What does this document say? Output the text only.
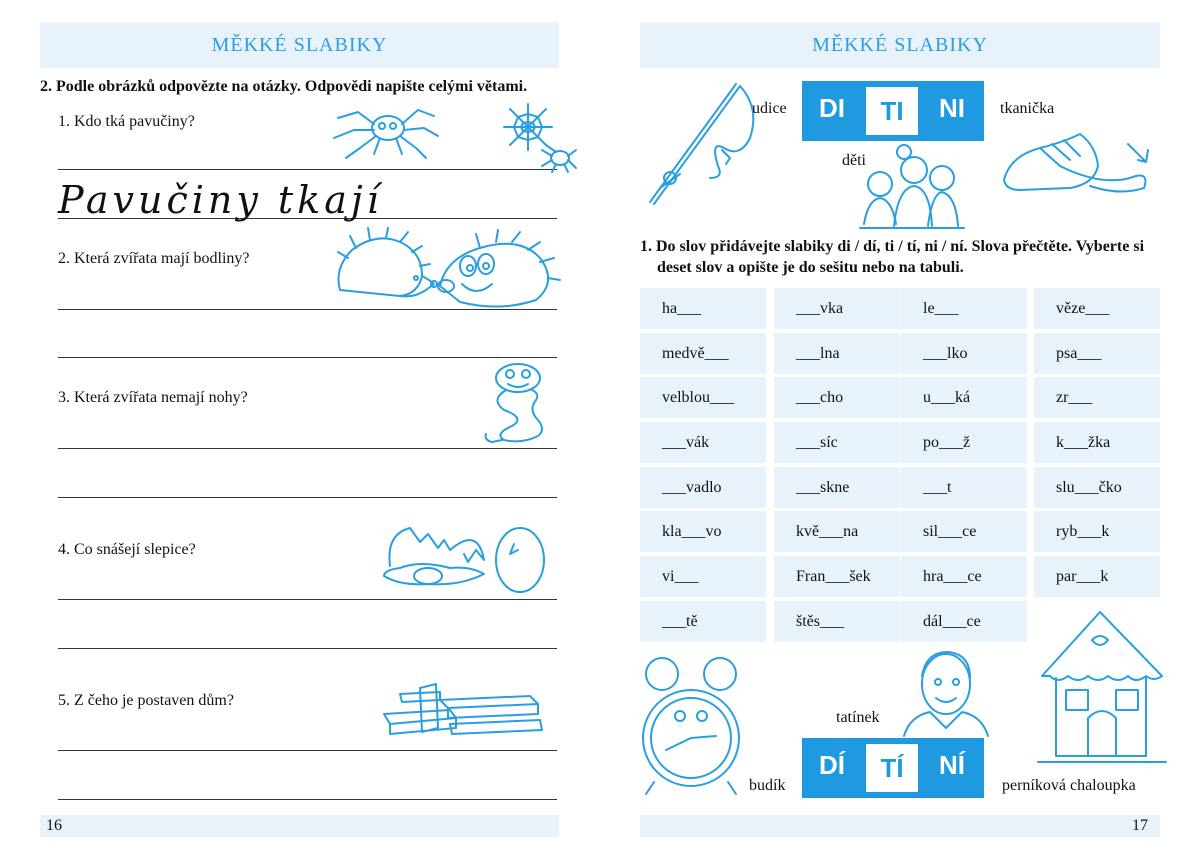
MĚKKÉ SLABIKY
2. Podle obrázků odpovězte na otázky. Odpovědi napište celými větami.
1. Kdo tká pavučiny?
2. Která zvířata mají bodliny?
3. Která zvířata nemají nohy?
4. Co snášejí slepice?
5. Z čeho je postaven dům?
Pavučiny tkají
16
MĚKKÉ SLABIKY
udice	DI	TI	NI	tkanička
děti
1. Do slov přidávejte slabiky di / dí, ti / tí, ni / ní. Slova přečtěte. Vyberte si
deset slov a opište je do sešitu nebo na tabuli.
ha___	___vka	le___	věze___
medvě___	___lna	___lko	psa___
velblou___	___cho	u___ká	zr___
___vák	___síc	po___ž	k___žka
___vadlo	___skne	___t	slu___čko
kla___vo	kvě___na	sil___ce	ryb___k
vi___	Fran___šek	hra___ce	par___k
___tě	štěs___	dál___ce
budík
tatínek
DÍ	TÍ	NÍ
perníková chaloupka
17
